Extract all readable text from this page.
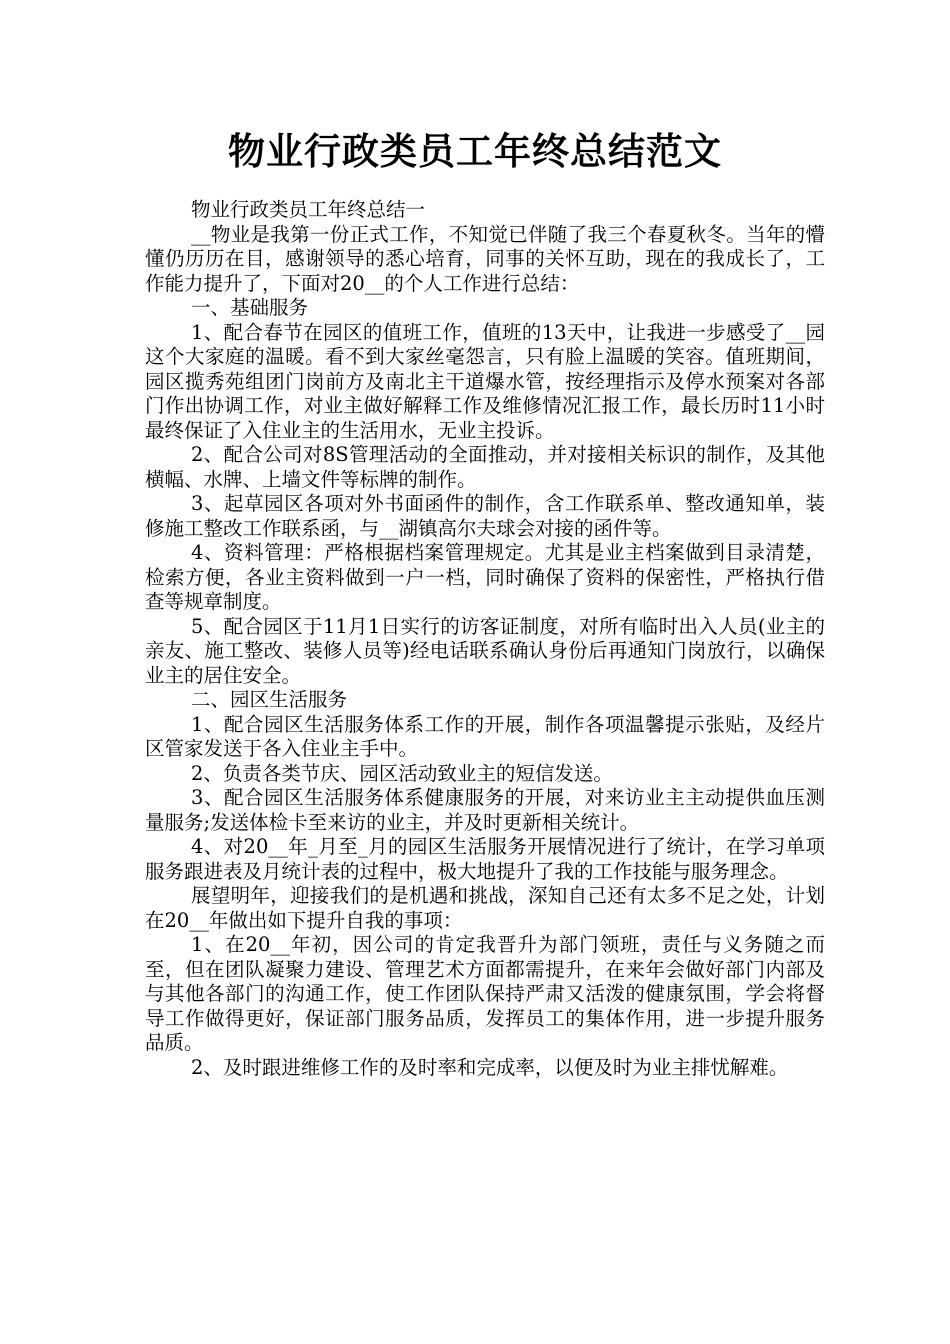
物业行政类员工年终总结范文

物业行政类员工年终总结一

__物业是我第一份正式工作，不知觉已伴随了我三个春夏秋冬。当年的懵懂仍历历在目，感谢领导的悉心培育，同事的关怀互助，现在的我成长了，工作能力提升了，下面对20__的个人工作进行总结：

一、基础服务

1、配合春节在园区的值班工作，值班的13天中，让我进一步感受了__园这个大家庭的温暖。看不到大家丝毫怨言，只有脸上温暖的笑容。值班期间，园区揽秀苑组团门岗前方及南北主干道爆水管，按经理指示及停水预案对各部门作出协调工作，对业主做好解释工作及维修情况汇报工作，最长历时11小时最终保证了入住业主的生活用水，无业主投诉。

2、配合公司对8S管理活动的全面推动，并对接相关标识的制作，及其他横幅、水牌、上墙文件等标牌的制作。

3、起草园区各项对外书面函件的制作，含工作联系单、整改通知单，装修施工整改工作联系函，与__湖镇高尔夫球会对接的函件等。

4、资料管理：严格根据档案管理规定。尤其是业主档案做到目录清楚，检索方便，各业主资料做到一户一档，同时确保了资料的保密性，严格执行借查等规章制度。

5、配合园区于11月1日实行的访客证制度，对所有临时出入人员(业主的亲友、施工整改、装修人员等)经电话联系确认身份后再通知门岗放行，以确保业主的居住安全。

二、园区生活服务

1、配合园区生活服务体系工作的开展，制作各项温馨提示张贴，及经片区管家发送于各入住业主手中。

2、负责各类节庆、园区活动致业主的短信发送。

3、配合园区生活服务体系健康服务的开展，对来访业主主动提供血压测量服务;发送体检卡至来访的业主，并及时更新相关统计。

4、对20__年_月至_月的园区生活服务开展情况进行了统计，在学习单项服务跟进表及月统计表的过程中，极大地提升了我的工作技能与服务理念。

展望明年，迎接我们的是机遇和挑战，深知自己还有太多不足之处，计划在20__年做出如下提升自我的事项：

1、在20__年初，因公司的肯定我晋升为部门领班，责任与义务随之而至，但在团队凝聚力建设、管理艺术方面都需提升，在来年会做好部门内部及与其他各部门的沟通工作，使工作团队保持严肃又活泼的健康氛围，学会将督导工作做得更好，保证部门服务品质，发挥员工的集体作用，进一步提升服务品质。

2、及时跟进维修工作的及时率和完成率，以便及时为业主排忧解难。
